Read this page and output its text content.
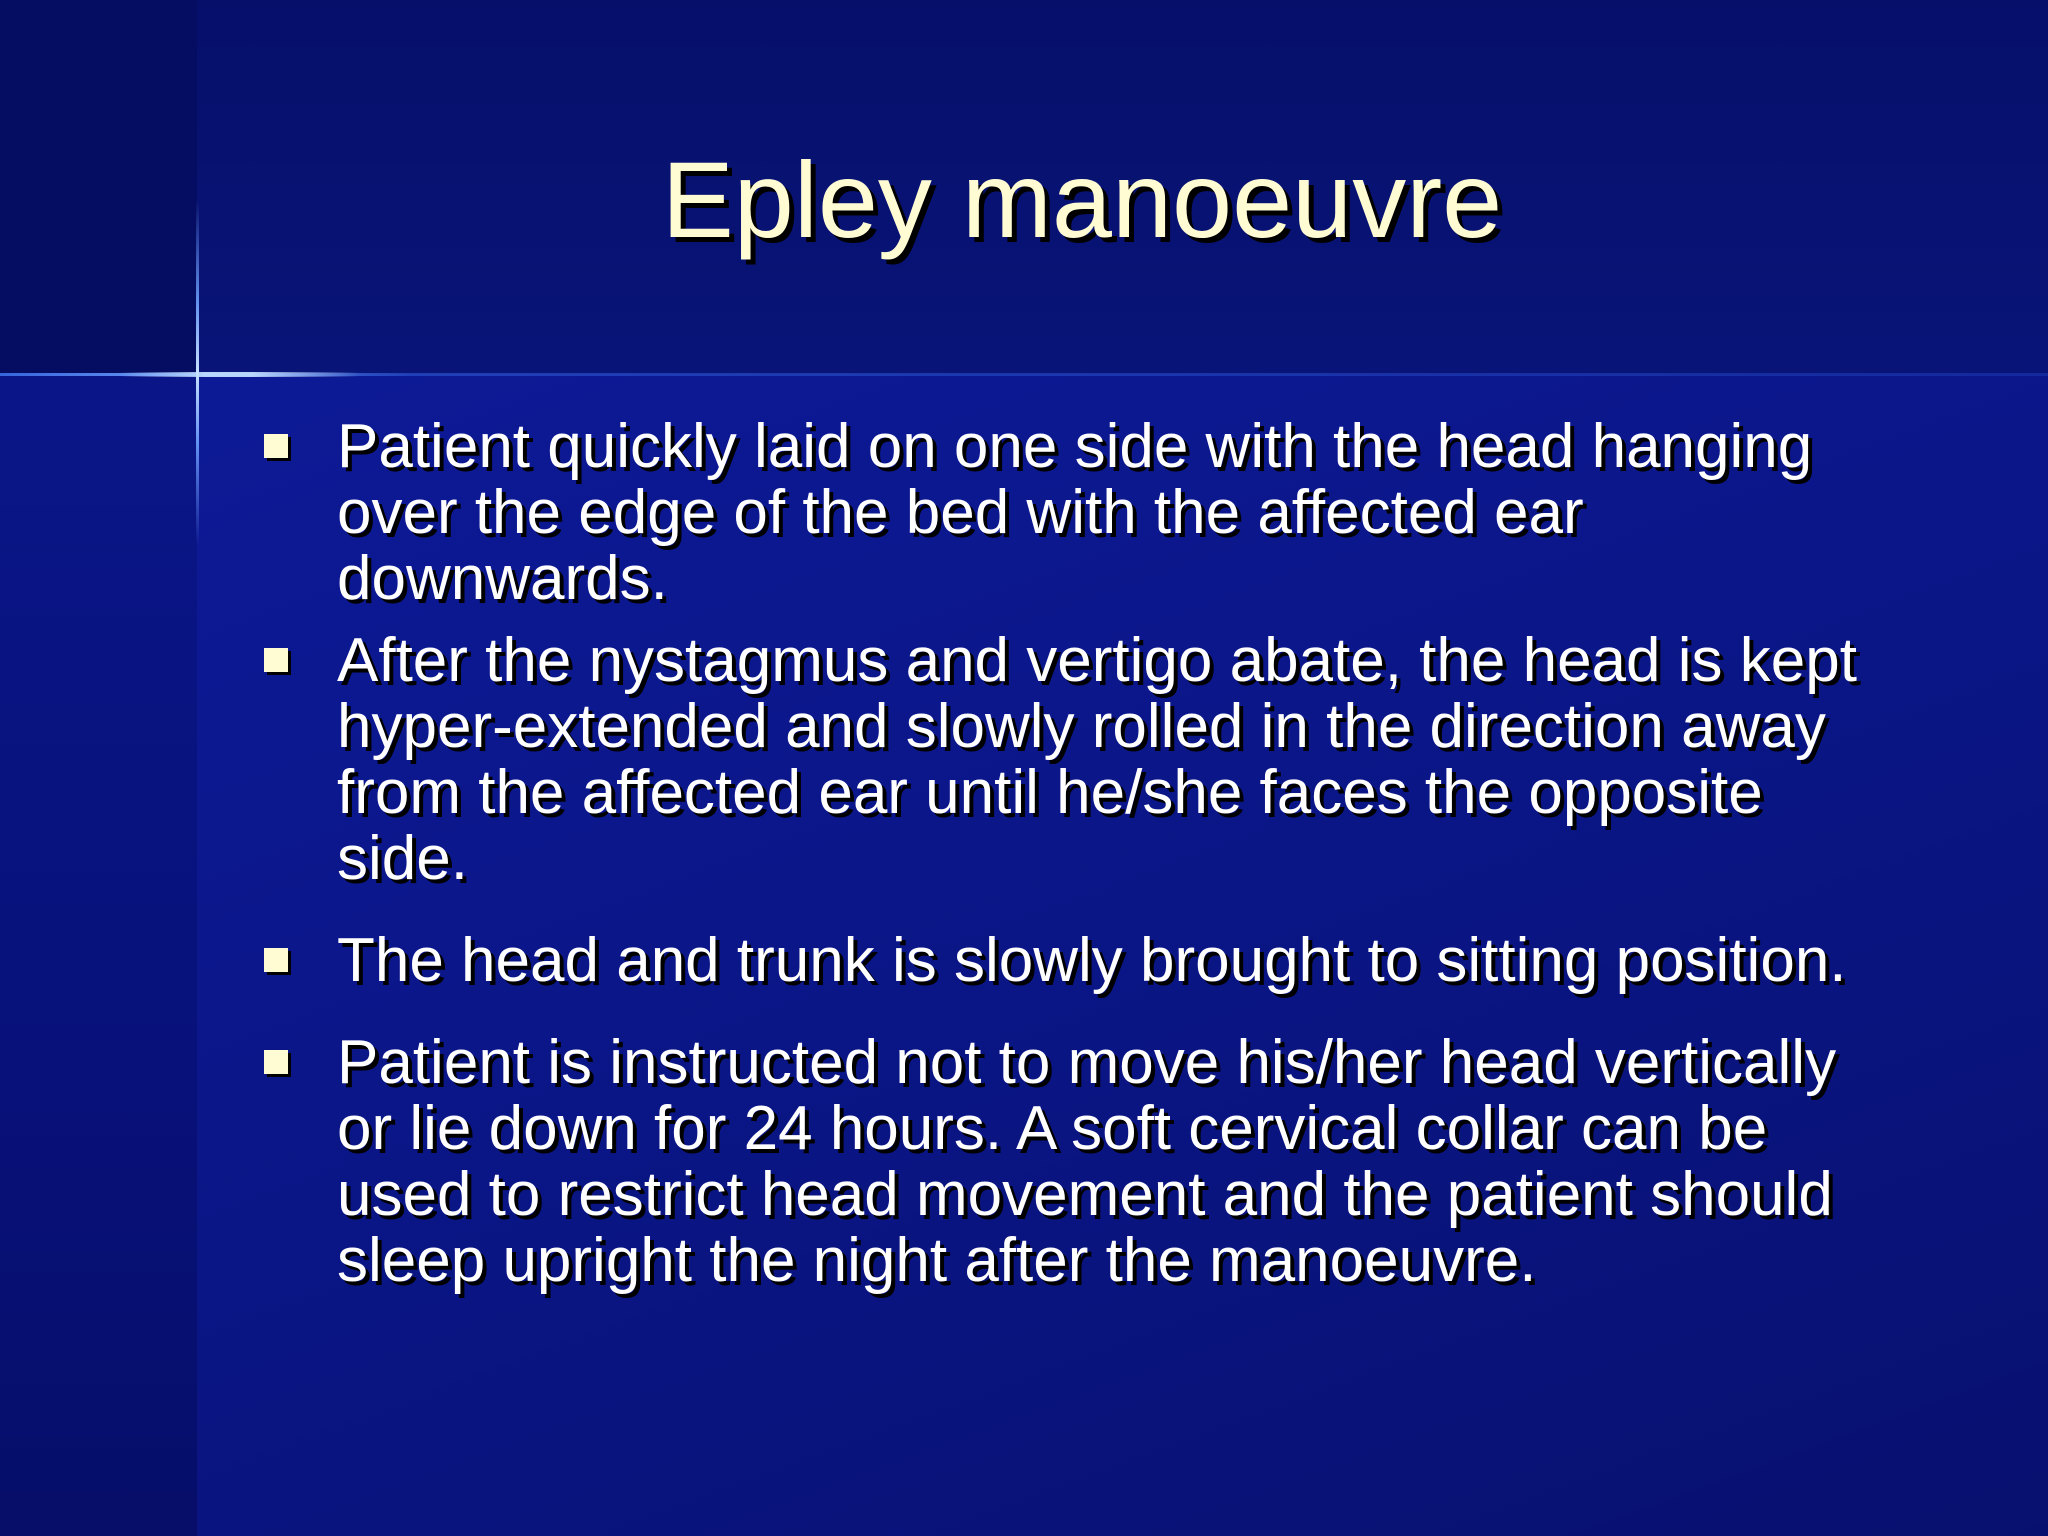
Epley manoeuvre
Patient quickly laid on one side with the head hanging over the edge of the bed with the affected ear downwards.
After the nystagmus and vertigo abate, the head is kept hyper-extended and slowly rolled in the direction away from the affected ear until he/she faces the opposite side.
The head and trunk is slowly brought to sitting position.
Patient is instructed not to move his/her head vertically or lie down for 24 hours. A soft cervical collar can be used to restrict head movement and the patient should sleep upright the night after the manoeuvre.
